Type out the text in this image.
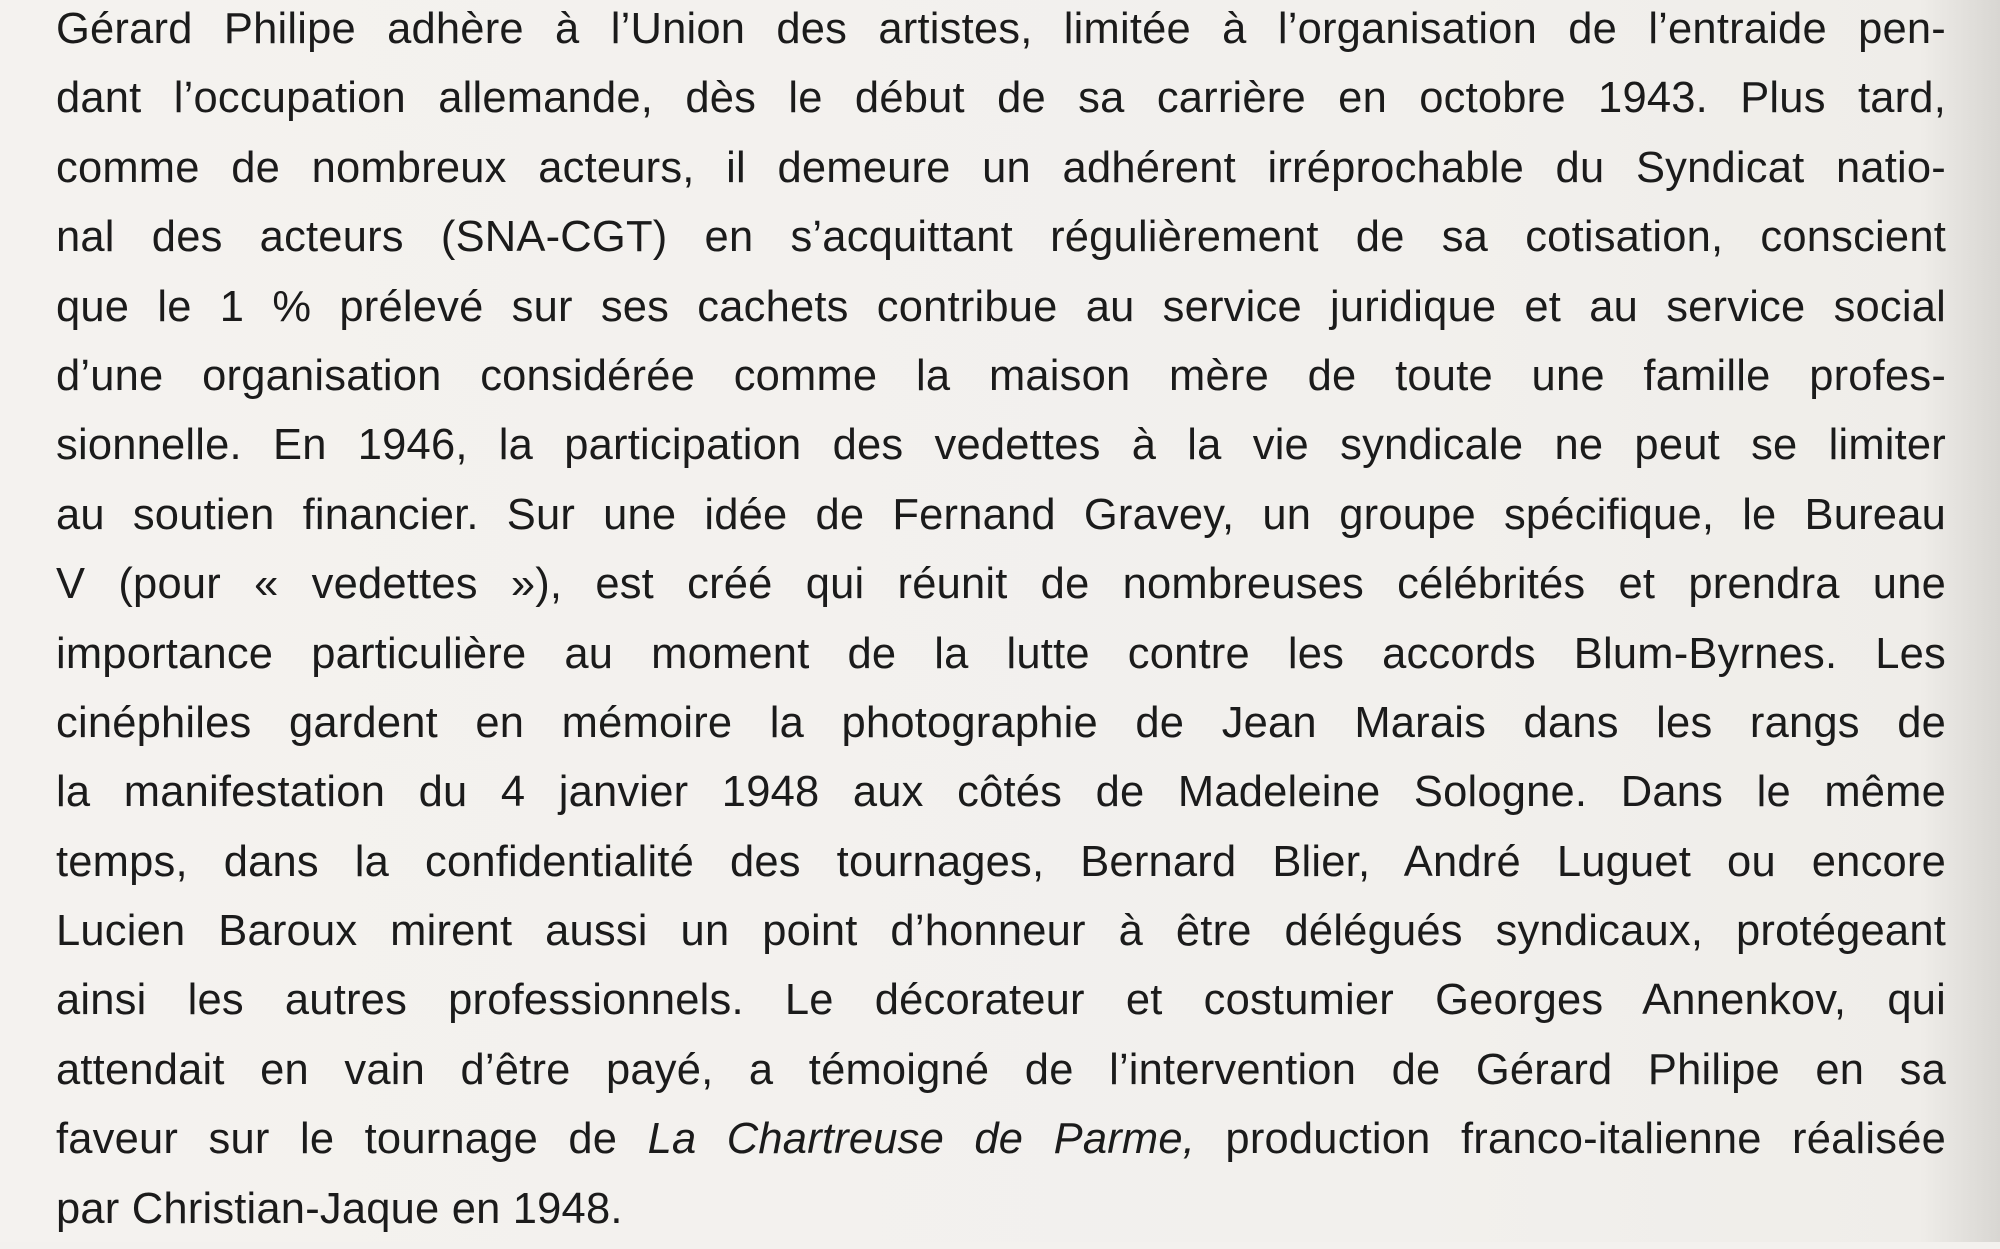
Gérard Philipe adhère à l’Union des artistes, limitée à l’organisation de l’entraide pen-
dant l’occupation allemande, dès le début de sa carrière en octobre 1943. Plus tard,
comme de nombreux acteurs, il demeure un adhérent irréprochable du Syndicat natio-
nal des acteurs (SNA-CGT) en s’acquittant régulièrement de sa cotisation, conscient
que le 1 % prélevé sur ses cachets contribue au service juridique et au service social
d’une organisation considérée comme la maison mère de toute une famille profes-
sionnelle. En 1946, la participation des vedettes à la vie syndicale ne peut se limiter
au soutien financier. Sur une idée de Fernand Gravey, un groupe spécifique, le Bureau
V (pour « vedettes »), est créé qui réunit de nombreuses célébrités et prendra une
importance particulière au moment de la lutte contre les accords Blum-Byrnes. Les
cinéphiles gardent en mémoire la photographie de Jean Marais dans les rangs de
la manifestation du 4 janvier 1948 aux côtés de Madeleine Sologne. Dans le même
temps, dans la confidentialité des tournages, Bernard Blier, André Luguet ou encore
Lucien Baroux mirent aussi un point d’honneur à être délégués syndicaux, protégeant
ainsi les autres professionnels. Le décorateur et costumier Georges Annenkov, qui
attendait en vain d’être payé, a témoigné de l’intervention de Gérard Philipe en sa
faveur sur le tournage de La Chartreuse de Parme, production franco-italienne réalisée
par Christian-Jaque en 1948.
